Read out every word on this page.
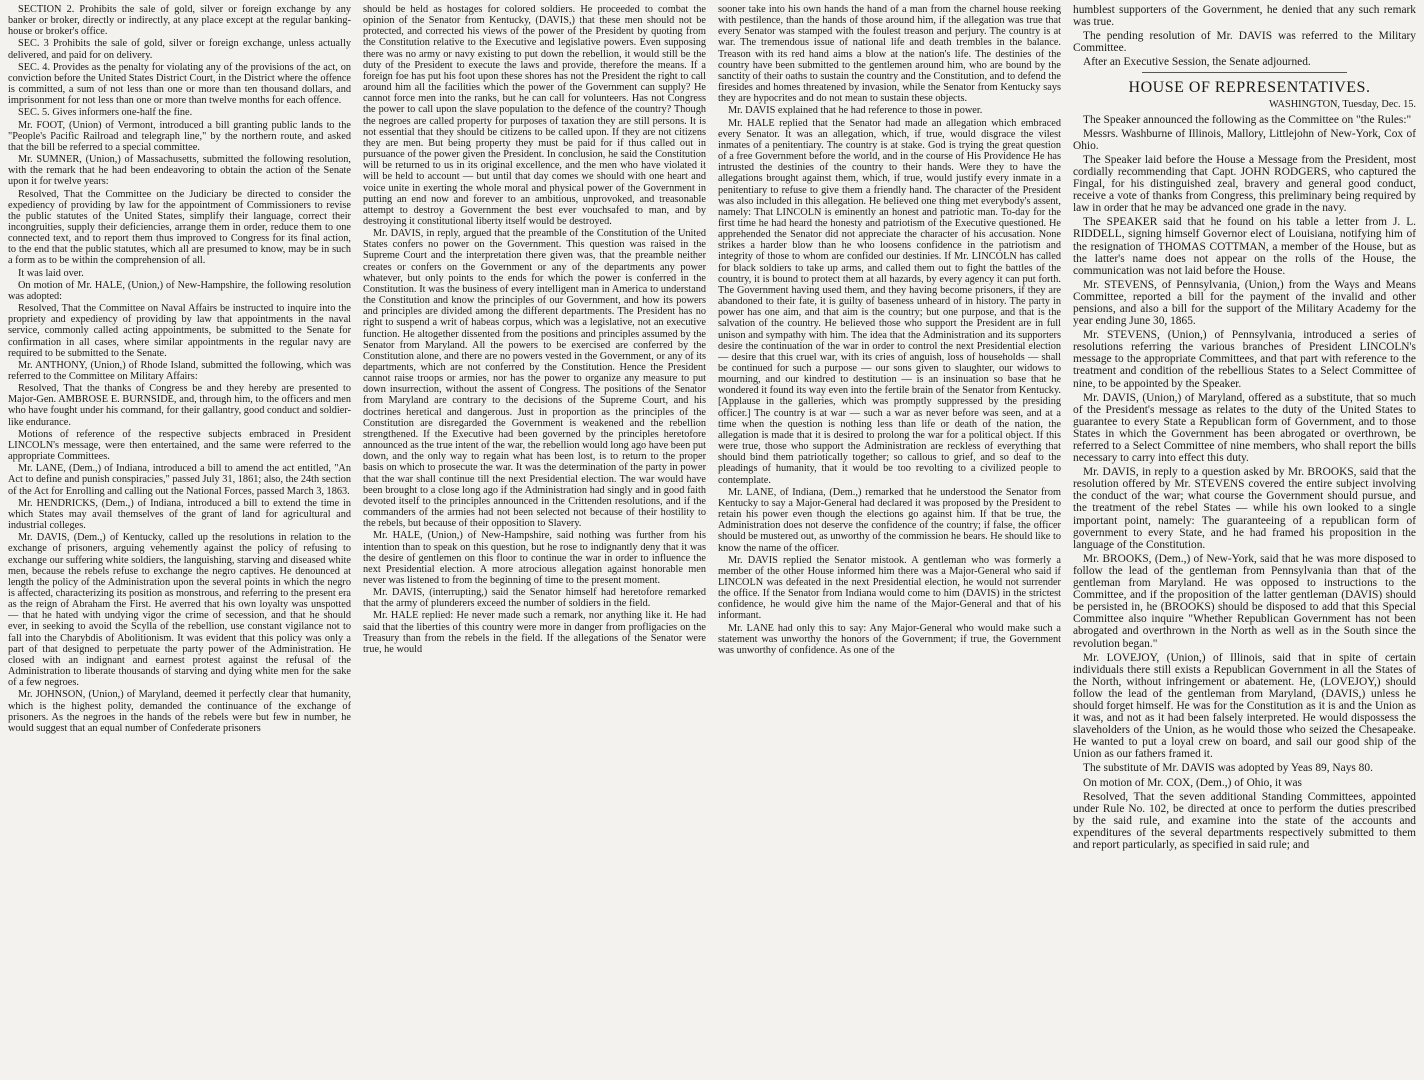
SECTION 2. Prohibits the sale of gold, silver or foreign exchange by any banker or broker, directly or indirectly, at any place except at the regular banking-house or broker's office.

SEC. 3 Prohibits the sale of gold, silver or foreign exchange, unless actually delivered, and paid for on delivery.

SEC. 4. Provides as the penalty for violating any of the provisions of the act, on conviction before the United States District Court, in the District where the offence is committed, a sum of not less than one or more than ten thousand dollars, and imprisonment for not less than one or more than twelve months for each offence.

SEC. 5. Gives informers one-half the fine.

Mr. FOOT, (Union) of Vermont, introduced a bill granting public lands to the "People's Pacific Railroad and telegraph line," by the northern route, and asked that the bill be referred to a special committee.

Mr. SUMNER, (Union,) of Massachusetts, submitted the following resolution, with the remark that he had been endeavoring to obtain the action of the Senate upon it for twelve years:

Resolved, That the Committee on the Judiciary be directed to consider the expediency of providing by law for the appointment of Commissioners to revise the public statutes of the United States, simplify their language, correct their incongruities, supply their deficiencies, arrange them in order, reduce them to one connected text, and to report them thus improved to Congress for its final action, to the end that the public statutes, which all are presumed to know, may be in such a form as to be within the comprehension of all.

It was laid over.

On motion of Mr. HALE, (Union,) of New-Hampshire, the following resolution was adopted:

Resolved, That the Committee on Naval Affairs be instructed to inquire into the propriety and expediency of providing by law that appointments in the naval service, commonly called acting appointments, be submitted to the Senate for confirmation in all cases, where similar appointments in the regular navy are required to be submitted to the Senate.

Mr. ANTHONY, (Union,) of Rhode Island, submitted the following, which was referred to the Committee on Military Affairs:

Resolved, That the thanks of Congress be and they hereby are presented to Major-Gen. AMBROSE E. BURNSIDE, and, through him, to the officers and men who have fought under his command, for their gallantry, good conduct and soldier-like endurance.

Motions of reference of the respective subjects embraced in President LINCOLN's message, were then entertained, and the same were referred to the appropriate Committees.

Mr. LANE, (Dem.,) of Indiana, introduced a bill to amend the act entitled, "An Act to define and punish conspiracies," passed July 31, 1861; also, the 24th section of the Act for Enrolling and calling out the National Forces, passed March 3, 1863.

Mr. HENDRICKS, (Dem.,) of Indiana, introduced a bill to extend the time in which States may avail themselves of the grant of land for agricultural and industrial colleges.

Mr. DAVIS, (Dem.,) of Kentucky, called up the resolutions in relation to the exchange of prisoners, arguing vehemently against the policy of refusing to exchange our suffering white soldiers, the languishing, starving and diseased white men, because the rebels refuse to exchange the negro captives. He denounced at length the policy of the Administration upon the several points in which the negro is affected, characterizing its position as monstrous, and referring to the present era as the reign of Abraham the First. He averred that his own loyalty was unspotted — that he hated with undying vigor the crime of secession, and that he should ever, in seeking to avoid the Scylla of the rebellion, use constant vigilance not to fall into the Charybdis of Abolitionism. It was evident that this policy was only a part of that designed to perpetuate the party power of the Administration. He closed with an indignant and earnest protest against the refusal of the Administration to liberate thousands of starving and dying white men for the sake of a few negroes.

Mr. JOHNSON, (Union,) of Maryland, deemed it perfectly clear that humanity, which is the highest polity, demanded the continuance of the exchange of prisoners. As the negroes in the hands of the rebels were but few in number, he would suggest that an equal number of Confederate prisoners

should be held as hostages for colored soldiers. He proceeded to combat the opinion of the Senator from Kentucky, (DAVIS,) that these men should not be protected, and corrected his views of the power of the President by quoting from the Constitution relative to the Executive and legislative powers. Even supposing there was no army or navy existing to put down the rebellion, it would still be the duty of the President to execute the laws and provide, therefore the means. If a foreign foe has put his foot upon these shores has not the President the right to call around him all the facilities which the power of the Government can supply? He cannot force men into the ranks, but he can call for volunteers. Has not Congress the power to call upon the slave population to the defence of the country? Though the negroes are called property for purposes of taxation they are still persons. It is not essential that they should be citizens to be called upon. If they are not citizens they are men. But being property they must be paid for if thus called out in pursuance of the power given the President. In conclusion, he said the Constitution will be returned to us in its original excellence, and the men who have violated it will be held to account — but until that day comes we should with one heart and voice unite in exerting the whole moral and physical power of the Government in putting an end now and forever to an ambitious, unprovoked, and treasonable attempt to destroy a Government the best ever vouchsafed to man, and by destroying it constitutional liberty itself would be destroyed.

Mr. DAVIS, in reply, argued that the preamble of the Constitution of the United States confers no power on the Government. This question was raised in the Supreme Court and the interpretation there given was, that the preamble neither creates or confers on the Government or any of the departments any power whatever, but only points to the ends for which the power is conferred in the Constitution. It was the business of every intelligent man in America to understand the Constitution and know the principles of our Government, and how its powers and principles are divided among the different departments. The President has no right to suspend a writ of habeas corpus, which was a legislative, not an executive function. He altogether dissented from the positions and principles assumed by the Senator from Maryland. All the powers to be exercised are conferred by the Constitution alone, and there are no powers vested in the Government, or any of its departments, which are not conferred by the Constitution. Hence the President cannot raise troops or armies, nor has the power to organize any measure to put down insurrection, without the assent of Congress. The positions of the Senator from Maryland are contrary to the decisions of the Supreme Court, and his doctrines heretical and dangerous. Just in proportion as the principles of the Constitution are disregarded the Government is weakened and the rebellion strengthened. If the Executive had been governed by the principles heretofore announced as the true intent of the war, the rebellion would long ago have been put down, and the only way to regain what has been lost, is to return to the proper basis on which to prosecute the war. It was the determination of the party in power that the war shall continue till the next Presidential election. The war would have been brought to a close long ago if the Administration had singly and in good faith devoted itself to the principles announced in the Crittenden resolutions, and if the commanders of the armies had not been selected not because of their hostility to the rebels, but because of their opposition to Slavery.

Mr. HALE, (Union,) of New-Hampshire, said nothing was further from his intention than to speak on this question, but he rose to indignantly deny that it was the desire of gentlemen on this floor to continue the war in order to influence the next Presidential election. A more atrocious allegation against honorable men never was listened to from the beginning of time to the present moment.

Mr. DAVIS, (interrupting,) said the Senator himself had heretofore remarked that the army of plunderers exceed the number of soldiers in the field.

Mr. HALE replied: He never made such a remark, nor anything like it. He had said that the liberties of this country were more in danger from profligacies on the Treasury than from the rebels in the field. If the allegations of the Senator were true, he would

sooner take into his own hands the hand of a man from the charnel house reeking with pestilence, than the hands of those around him, if the allegation was true that every Senator was stamped with the foulest treason and perjury. The country is at war. The tremendous issue of national life and death trembles in the balance. Treason with its red hand aims a blow at the nation's life. The destinies of the country have been submitted to the gentlemen around him, who are bound by the sanctity of their oaths to sustain the country and the Constitution, and to defend the firesides and homes threatened by invasion, while the Senator from Kentucky says they are hypocrites and do not mean to sustain these objects.

Mr. DAVIS explained that he had reference to those in power.

Mr. HALE replied that the Senator had made an allegation which embraced every Senator. It was an allegation, which, if true, would disgrace the vilest inmates of a penitentiary. The country is at stake. God is trying the great question of a free Government before the world, and in the course of His Providence He has intrusted the destinies of the country to their hands. Were they to have the allegations brought against them, which, if true, would justify every inmate in a penitentiary to refuse to give them a friendly hand. The character of the President was also included in this allegation. He believed one thing met everybody's assent, namely: That LINCOLN is eminently an honest and patriotic man. To-day for the first time he had heard the honesty and patriotism of the Executive questioned. He apprehended the Senator did not appreciate the character of his accusation. None strikes a harder blow than he who loosens confidence in the patriotism and integrity of those to whom are confided our destinies. If Mr. LINCOLN has called for black soldiers to take up arms, and called them out to fight the battles of the country, it is bound to protect them at all hazards, by every agency it can put forth. The Government having used them, and they having become prisoners, if they are abandoned to their fate, it is guilty of baseness unheard of in history. The party in power has one aim, and that aim is the country; but one purpose, and that is the salvation of the country. He believed those who support the President are in full unison and sympathy with him. The idea that the Administration and its supporters desire the continuation of the war in order to control the next Presidential election — desire that this cruel war, with its cries of anguish, loss of households — shall be continued for such a purpose — our sons given to slaughter, our widows to mourning, and our kindred to destitution — is an insinuation so base that he wondered it found its way even into the fertile brain of the Senator from Kentucky. [Applause in the galleries, which was promptly suppressed by the presiding officer.] The country is at war — such a war as never before was seen, and at a time when the question is nothing less than life or death of the nation, the allegation is made that it is desired to prolong the war for a political object. If this were true, those who support the Administration are reckless of everything that should bind them patriotically together; so callous to grief, and so deaf to the pleadings of humanity, that it would be too revolting to a civilized people to contemplate.

Mr. LANE, of Indiana, (Dem.,) remarked that he understood the Senator from Kentucky to say a Major-General had declared it was proposed by the President to retain his power even though the elections go against him. If that be true, the Administration does not deserve the confidence of the country; if false, the officer should be mustered out, as unworthy of the commission he bears. He should like to know the name of the officer.

Mr. DAVIS replied the Senator mistook. A gentleman who was formerly a member of the other House informed him there was a Major-General who said if LINCOLN was defeated in the next Presidential election, he would not surrender the office. If the Senator from Indiana would come to him (DAVIS) in the strictest confidence, he would give him the name of the Major-General and that of his informant.

Mr. LANE had only this to say: Any Major-General who would make such a statement was unworthy the honors of the Government; if true, the Government was unworthy of confidence. As one of the

humblest supporters of the Government, he denied that any such remark was true.

The pending resolution of Mr. DAVIS was referred to the Military Committee.

After an Executive Session, the Senate adjourned.

HOUSE OF REPRESENTATIVES.

WASHINGTON, Tuesday, Dec. 15.

The Speaker announced the following as the Committee on "the Rules:"

Messrs. Washburne of Illinois, Mallory, Littlejohn of New-York, Cox of Ohio.

The Speaker laid before the House a Message from the President, most cordially recommending that Capt. JOHN RODGERS, who captured the Fingal, for his distinguished zeal, bravery and general good conduct, receive a vote of thanks from Congress, this preliminary being required by law in order that he may be advanced one grade in the navy.

The SPEAKER said that he found on his table a letter from J. L. RIDDELL, signing himself Governor elect of Louisiana, notifying him of the resignation of THOMAS COTTMAN, a member of the House, but as the latter's name does not appear on the rolls of the House, the communication was not laid before the House.

Mr. STEVENS, of Pennsylvania, (Union,) from the Ways and Means Committee, reported a bill for the payment of the invalid and other pensions, and also a bill for the support of the Military Academy for the year ending June 30, 1865.

Mr. STEVENS, (Union,) of Pennsylvania, introduced a series of resolutions referring the various branches of President LINCOLN's message to the appropriate Committees, and that part with reference to the treatment and condition of the rebellious States to a Select Committee of nine, to be appointed by the Speaker.

Mr. DAVIS, (Union,) of Maryland, offered as a substitute, that so much of the President's message as relates to the duty of the United States to guarantee to every State a Republican form of Government, and to those States in which the Government has been abrogated or overthrown, be referred to a Select Committee of nine members, who shall report the bills necessary to carry into effect this duty.

Mr. DAVIS, in reply to a question asked by Mr. BROOKS, said that the resolution offered by Mr. STEVENS covered the entire subject involving the conduct of the war; what course the Government should pursue, and the treatment of the rebel States — while his own looked to a single important point, namely: The guaranteeing of a republican form of government to every State, and he had framed his proposition in the language of the Constitution.

Mr. BROOKS, (Dem.,) of New-York, said that he was more disposed to follow the lead of the gentleman from Pennsylvania than that of the gentleman from Maryland. He was opposed to instructions to the Committee, and if the proposition of the latter gentleman (DAVIS) should be persisted in, he (BROOKS) should be disposed to add that this Special Committee also inquire "Whether Republican Government has not been abrogated and overthrown in the North as well as in the South since the revolution began."

Mr. LOVEJOY, (Union,) of Illinois, said that in spite of certain individuals there still exists a Republican Government in all the States of the North, without infringement or abatement. He, (LOVEJOY,) should follow the lead of the gentleman from Maryland, (DAVIS,) unless he should forget himself. He was for the Constitution as it is and the Union as it was, and not as it had been falsely interpreted. He would dispossess the slaveholders of the Union, as he would those who seized the Chesapeake. He wanted to put a loyal crew on board, and sail our good ship of the Union as our fathers framed it.

The substitute of Mr. DAVIS was adopted by Yeas 89, Nays 80.

On motion of Mr. COX, (Dem.,) of Ohio, it was

Resolved, That the seven additional Standing Committees, appointed under Rule No. 102, be directed at once to perform the duties prescribed by the said rule, and examine into the state of the accounts and expenditures of the several departments respectively submitted to them and report particularly, as specified in said rule; and
